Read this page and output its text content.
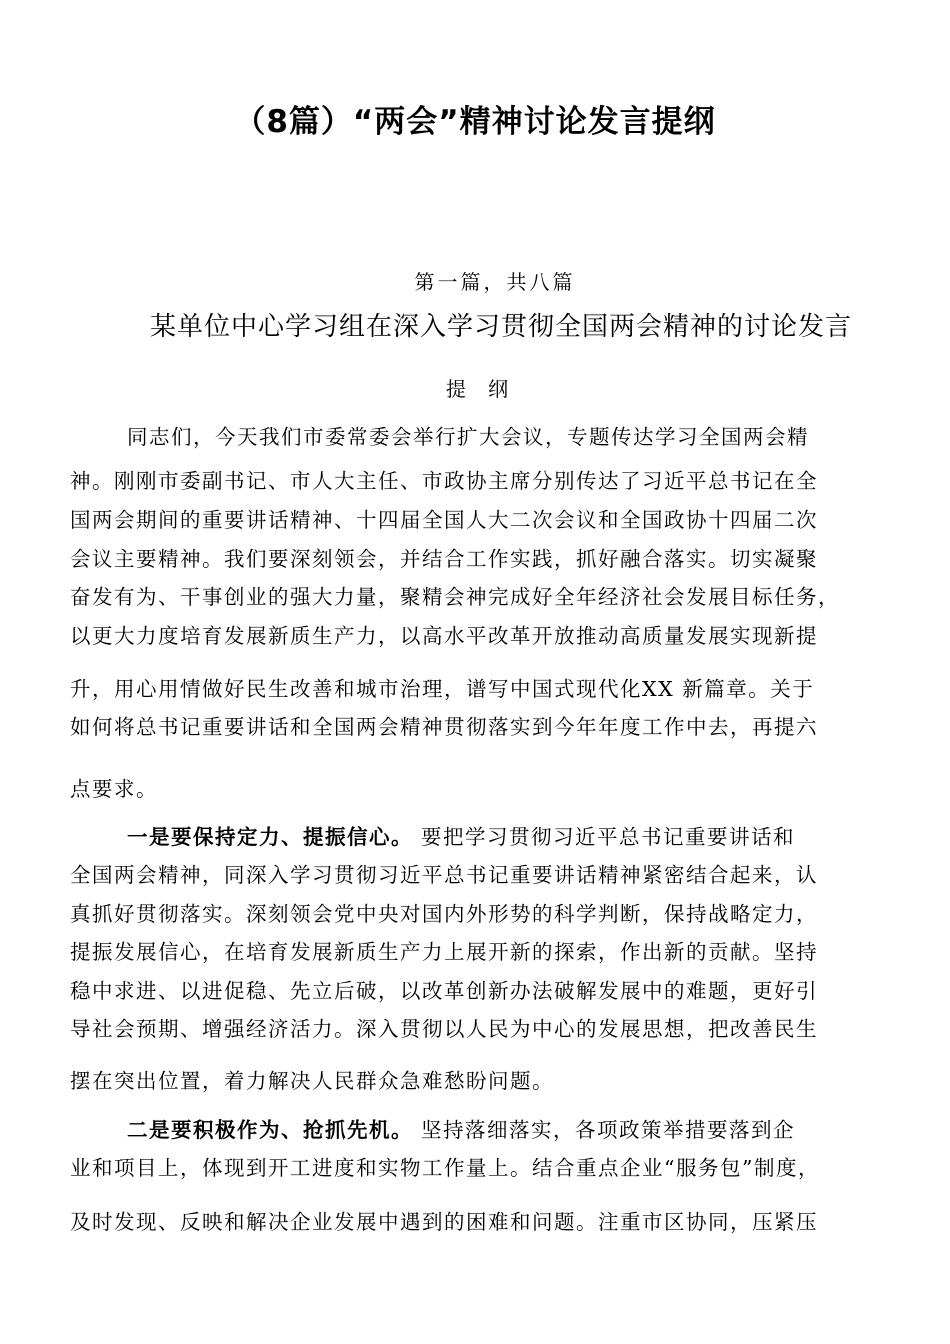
（8篇）“两会”精神讨论发言提纲
第一篇，共八篇
某单位中心学习组在深入学习贯彻全国两会精神的讨论发言
提 纲
同志们，今天我们市委常委会举行扩大会议，专题传达学习全国两会精
神。刚刚市委副书记、市人大主任、市政协主席分别传达了习近平总书记在全
国两会期间的重要讲话精神、十四届全国人大二次会议和全国政协十四届二次
会议主要精神。我们要深刻领会，并结合工作实践，抓好融合落实。切实凝聚
奋发有为、干事创业的强大力量，聚精会神完成好全年经济社会发展目标任务，
以更大力度培育发展新质生产力，以高水平改革开放推动高质量发展实现新提
升，用心用情做好民生改善和城市治理，谱写中国式现代化XX 新篇章。关于
如何将总书记重要讲话和全国两会精神贯彻落实到今年年度工作中去，再提六
点要求。
一是要保持定力、提振信心。 要把学习贯彻习近平总书记重要讲话和
全国两会精神，同深入学习贯彻习近平总书记重要讲话精神紧密结合起来，认
真抓好贯彻落实。深刻领会党中央对国内外形势的科学判断，保持战略定力，
提振发展信心，在培育发展新质生产力上展开新的探索，作出新的贡献。坚持
稳中求进、以进促稳、先立后破，以改革创新办法破解发展中的难题，更好引
导社会预期、增强经济活力。深入贯彻以人民为中心的发展思想，把改善民生
摆在突出位置，着力解决人民群众急难愁盼问题。
二是要积极作为、抢抓先机。 坚持落细落实，各项政策举措要落到企
业和项目上，体现到开工进度和实物工作量上。结合重点企业“服务包”制度，
及时发现、反映和解决企业发展中遇到的困难和问题。注重市区协同，压紧压
